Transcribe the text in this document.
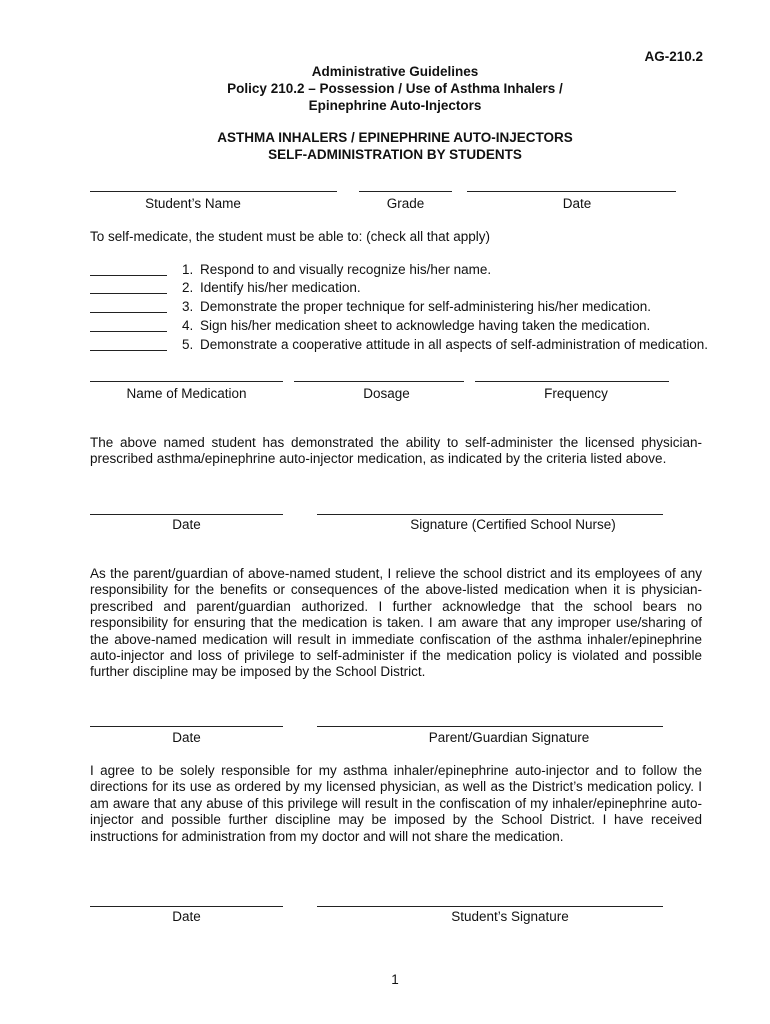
AG-210.2
Administrative Guidelines
Policy 210.2 – Possession / Use of Asthma Inhalers /
Epinephrine Auto-Injectors
ASTHMA INHALERS / EPINEPHRINE AUTO-INJECTORS
SELF-ADMINISTRATION BY STUDENTS
Student’s Name	Grade	Date
To self-medicate, the student must be able to: (check all that apply)
1. Respond to and visually recognize his/her name.
2. Identify his/her medication.
3. Demonstrate the proper technique for self-administering his/her medication.
4. Sign his/her medication sheet to acknowledge having taken the medication.
5. Demonstrate a cooperative attitude in all aspects of self-administration of medication.
Name of Medication	Dosage	Frequency
The above named student has demonstrated the ability to self-administer the licensed physician-prescribed asthma/epinephrine auto-injector medication, as indicated by the criteria listed above.
Date	Signature (Certified School Nurse)
As the parent/guardian of above-named student, I relieve the school district and its employees of any responsibility for the benefits or consequences of the above-listed medication when it is physician-prescribed and parent/guardian authorized. I further acknowledge that the school bears no responsibility for ensuring that the medication is taken. I am aware that any improper use/sharing of the above-named medication will result in immediate confiscation of the asthma inhaler/epinephrine auto-injector and loss of privilege to self-administer if the medication policy is violated and possible further discipline may be imposed by the School District.
Date	Parent/Guardian Signature
I agree to be solely responsible for my asthma inhaler/epinephrine auto-injector and to follow the directions for its use as ordered by my licensed physician, as well as the District’s medication policy. I am aware that any abuse of this privilege will result in the confiscation of my inhaler/epinephrine auto-injector and possible further discipline may be imposed by the School District. I have received instructions for administration from my doctor and will not share the medication.
Date	Student’s Signature
1
